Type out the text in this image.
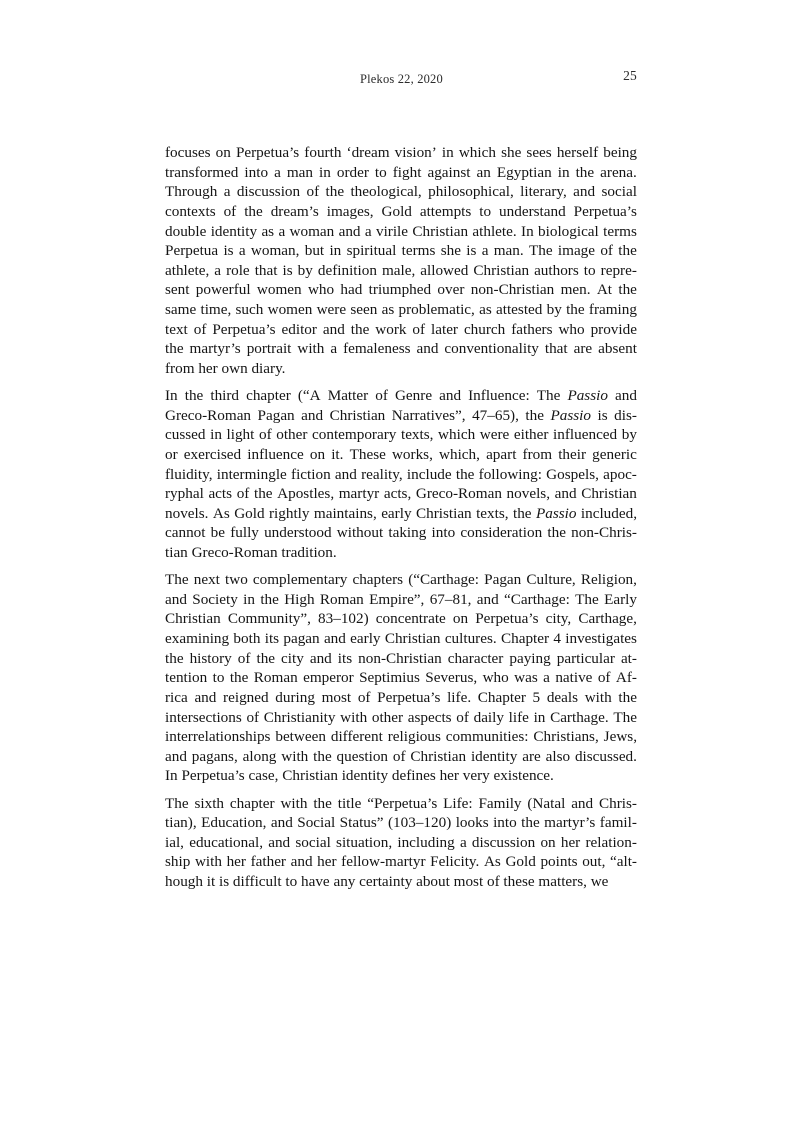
Plekos 22, 2020	25

focuses on Perpetua’s fourth ‘dream vision’ in which she sees herself being
transformed into a man in order to fight against an Egyptian in the arena.
Through a discussion of the theological, philosophical, literary, and social
contexts of the dream’s images, Gold attempts to understand Perpetua’s
double identity as a woman and a virile Christian athlete. In biological terms
Perpetua is a woman, but in spiritual terms she is a man. The image of the
athlete, a role that is by definition male, allowed Christian authors to repre-
sent powerful women who had triumphed over non-Christian men. At the
same time, such women were seen as problematic, as attested by the framing
text of Perpetua’s editor and the work of later church fathers who provide
the martyr’s portrait with a femaleness and conventionality that are absent
from her own diary.

In the third chapter (“A Matter of Genre and Influence: The Passio and
Greco-Roman Pagan and Christian Narratives”, 47–65), the Passio is dis-
cussed in light of other contemporary texts, which were either influenced by
or exercised influence on it. These works, which, apart from their generic
fluidity, intermingle fiction and reality, include the following: Gospels, apoc-
ryphal acts of the Apostles, martyr acts, Greco-Roman novels, and Christian
novels. As Gold rightly maintains, early Christian texts, the Passio included,
cannot be fully understood without taking into consideration the non-Chris-
tian Greco-Roman tradition.

The next two complementary chapters (“Carthage: Pagan Culture, Religion,
and Society in the High Roman Empire”, 67–81, and “Carthage: The Early
Christian Community”, 83–102) concentrate on Perpetua’s city, Carthage,
examining both its pagan and early Christian cultures. Chapter 4 investigates
the history of the city and its non-Christian character paying particular at-
tention to the Roman emperor Septimius Severus, who was a native of Af-
rica and reigned during most of Perpetua’s life. Chapter 5 deals with the
intersections of Christianity with other aspects of daily life in Carthage. The
interrelationships between different religious communities: Christians, Jews,
and pagans, along with the question of Christian identity are also discussed.
In Perpetua’s case, Christian identity defines her very existence.

The sixth chapter with the title “Perpetua’s Life: Family (Natal and Chris-
tian), Education, and Social Status” (103–120) looks into the martyr’s famil-
ial, educational, and social situation, including a discussion on her relation-
ship with her father and her fellow-martyr Felicity. As Gold points out, “alt-
hough it is difficult to have any certainty about most of these matters, we
